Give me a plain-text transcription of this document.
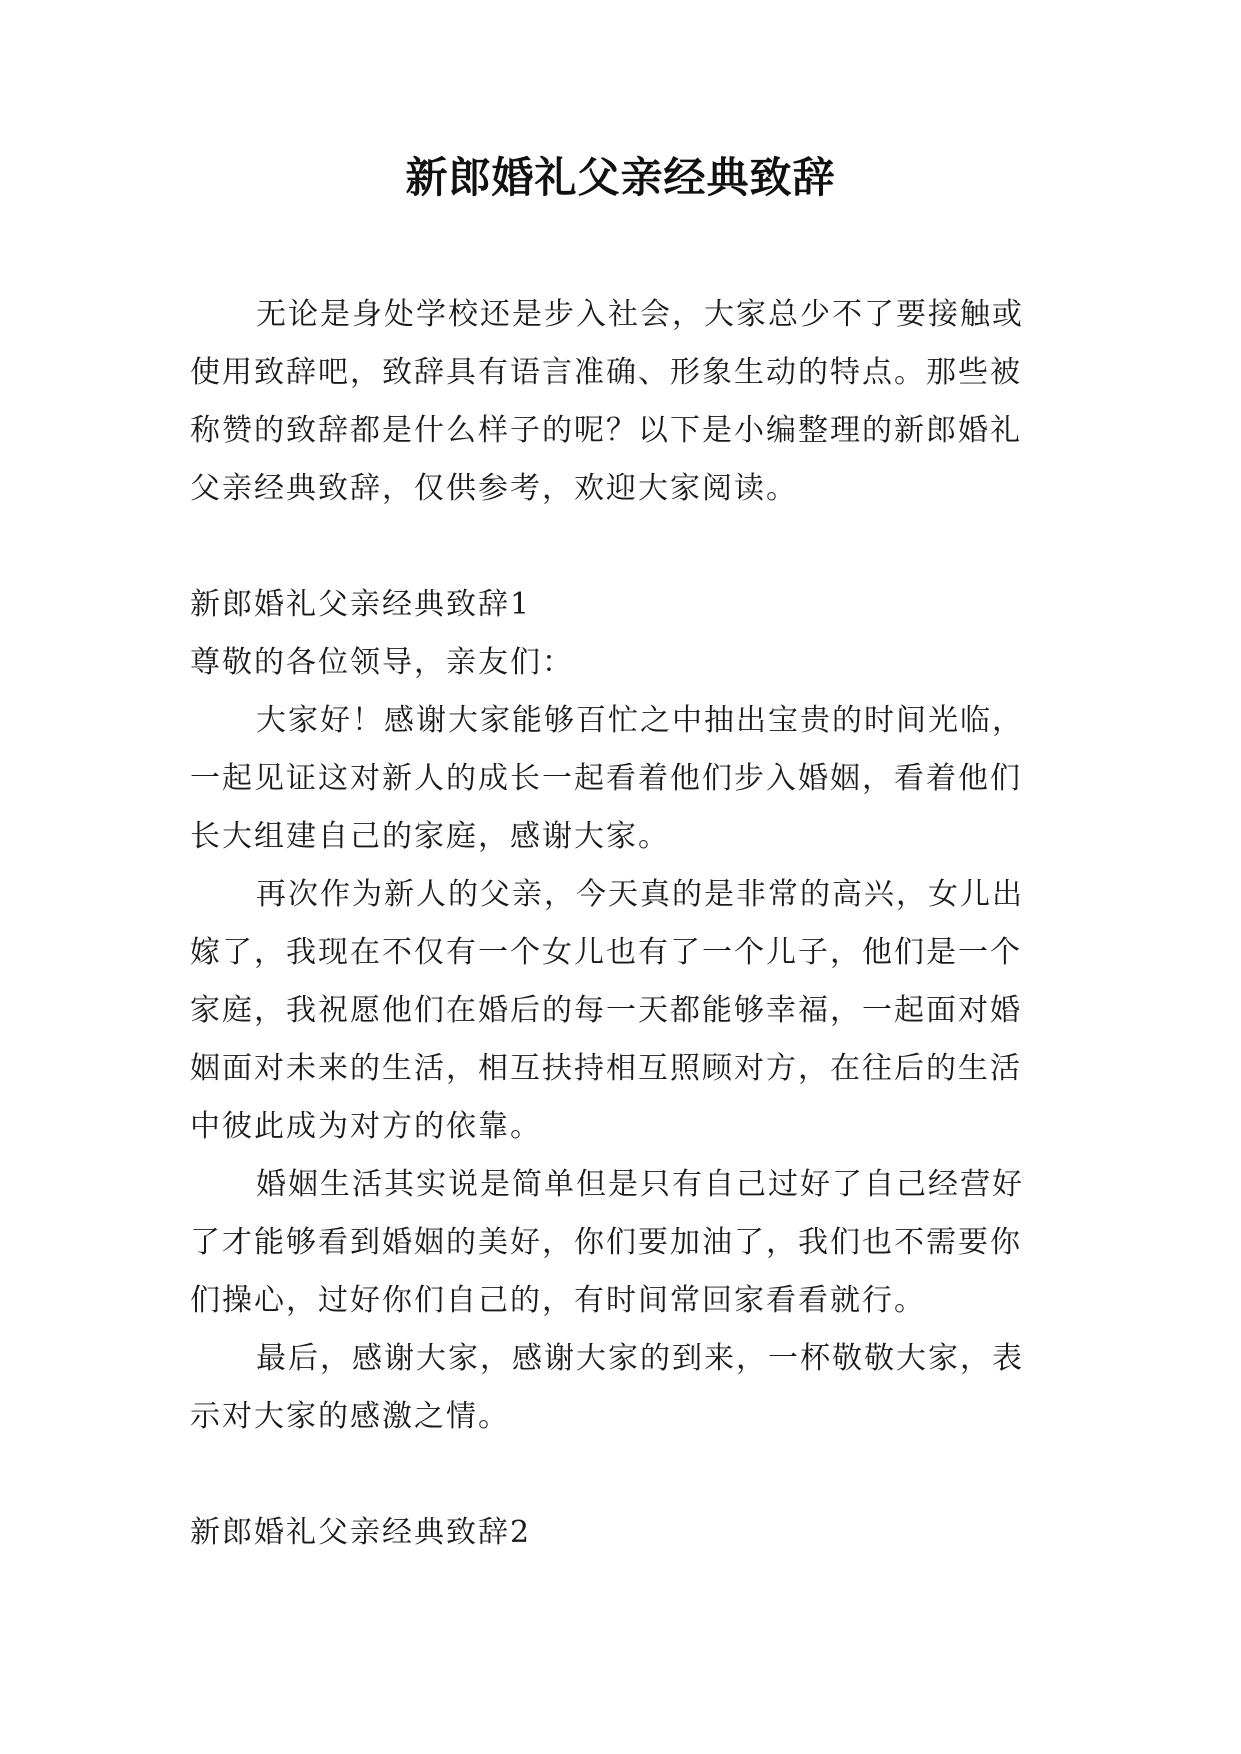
新郎婚礼父亲经典致辞

无论是身处学校还是步入社会，大家总少不了要接触或使用致辞吧，致辞具有语言准确、形象生动的特点。那些被称赞的致辞都是什么样子的呢？以下是小编整理的新郎婚礼父亲经典致辞，仅供参考，欢迎大家阅读。

新郎婚礼父亲经典致辞1

尊敬的各位领导，亲友们：

大家好！感谢大家能够百忙之中抽出宝贵的时间光临，一起见证这对新人的成长一起看着他们步入婚姻，看着他们长大组建自己的家庭，感谢大家。

再次作为新人的父亲，今天真的是非常的高兴，女儿出嫁了，我现在不仅有一个女儿也有了一个儿子，他们是一个家庭，我祝愿他们在婚后的每一天都能够幸福，一起面对婚姻面对未来的生活，相互扶持相互照顾对方，在往后的生活中彼此成为对方的依靠。

婚姻生活其实说是简单但是只有自己过好了自己经营好了才能够看到婚姻的美好，你们要加油了，我们也不需要你们操心，过好你们自己的，有时间常回家看看就行。

最后，感谢大家，感谢大家的到来，一杯敬敬大家，表示对大家的感激之情。

新郎婚礼父亲经典致辞2
